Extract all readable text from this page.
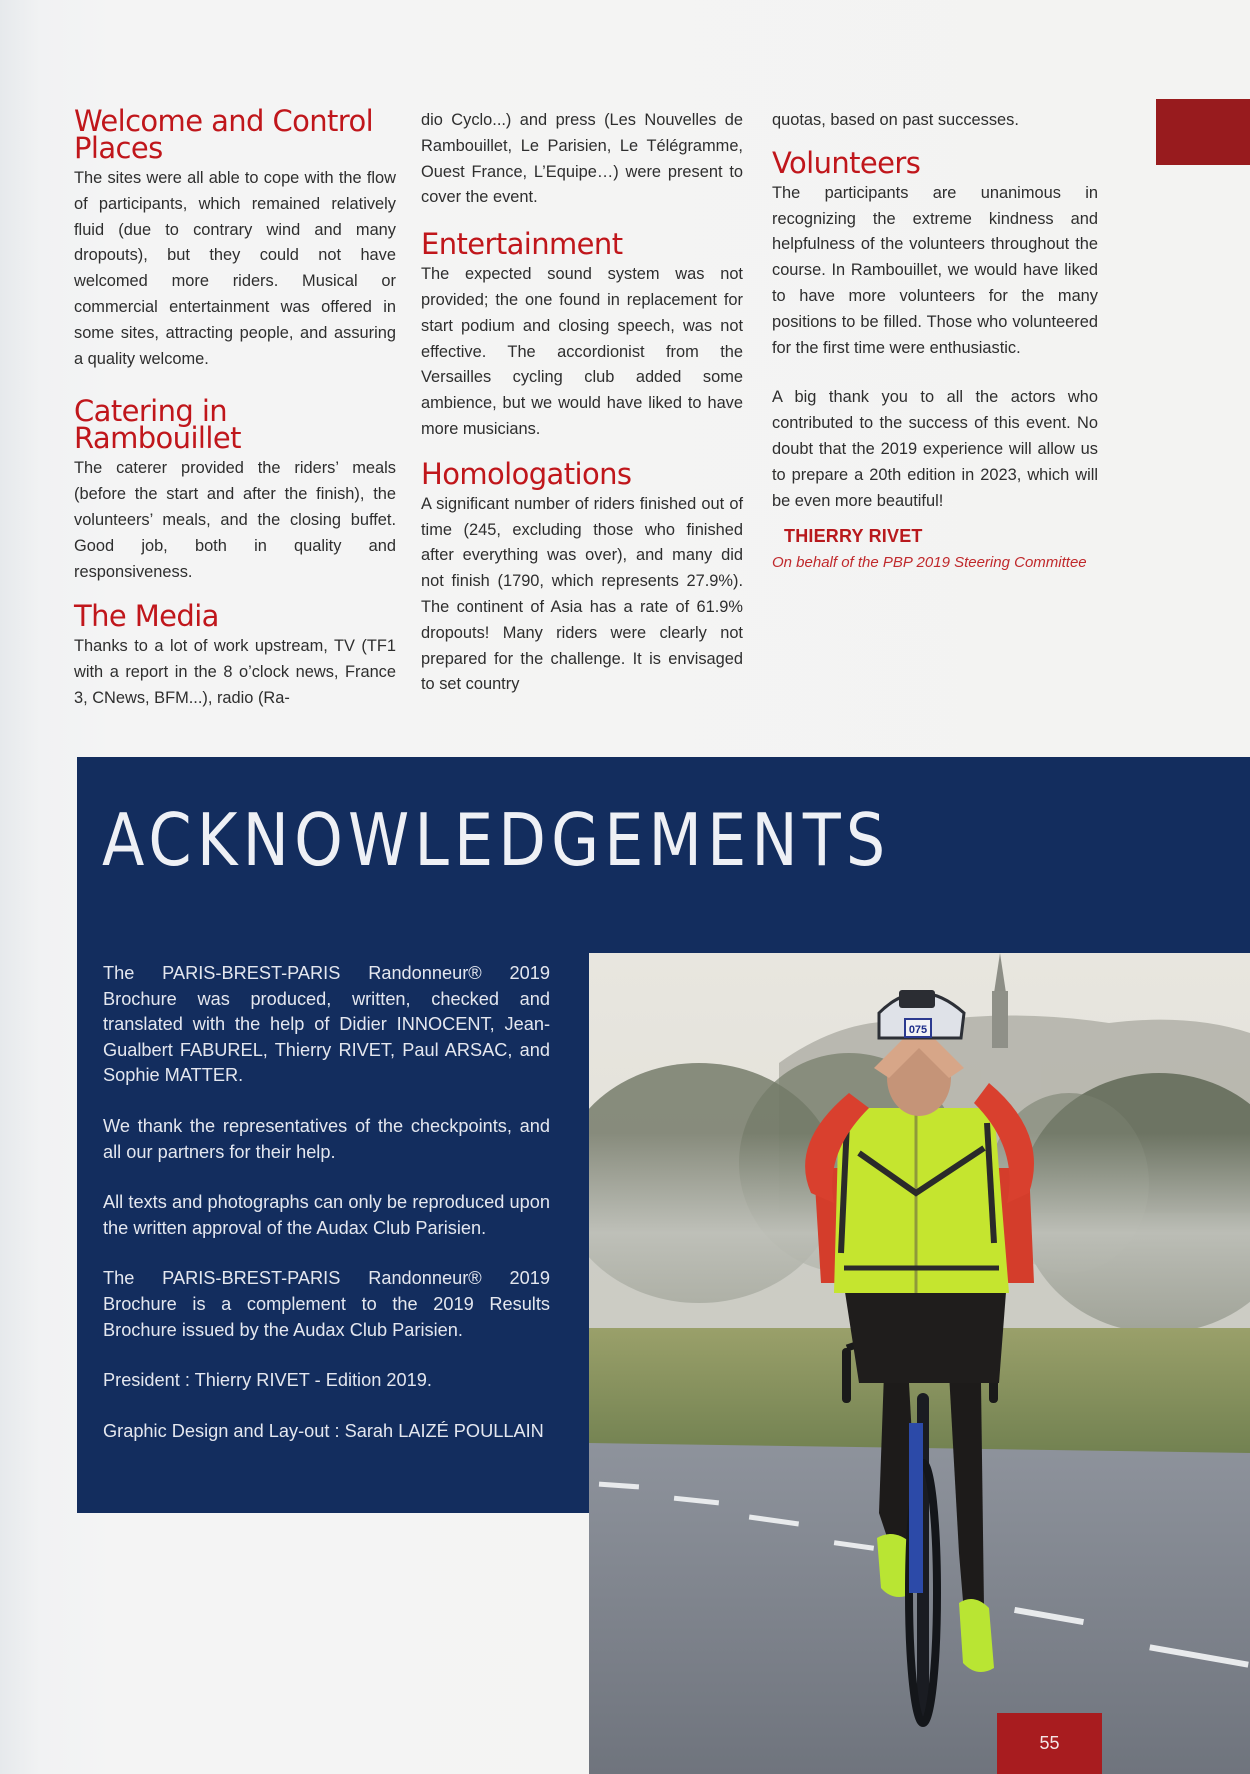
Welcome and Control Places

The sites were all able to cope with the flow of participants, which remained relatively fluid (due to contrary wind and many dropouts), but they could not have welcomed more riders. Musical or commercial entertainment was offered in some sites, attracting people, and assuring a quality welcome.

Catering in Rambouillet

The caterer provided the riders’ meals (before the start and after the finish), the volunteers’ meals, and the closing buffet. Good job, both in quality and responsiveness.

The Media

Thanks to a lot of work upstream, TV (TF1 with a report in the 8 o’clock news, France 3, CNews, BFM...), radio (Ra-

dio Cyclo...) and press (Les Nouvelles de Rambouillet, Le Parisien, Le Télégramme, Ouest France, L’Equipe…) were present to cover the event.

Entertainment

The expected sound system was not provided; the one found in replacement for start podium and closing speech, was not effective. The accordionist from the Versailles cycling club added some ambience, but we would have liked to have more musicians.

Homologations

A significant number of riders finished out of time (245, excluding those who finished after everything was over), and many did not finish (1790, which represents 27.9%). The continent of Asia has a rate of 61.9% dropouts! Many riders were clearly not prepared for the challenge. It is envisaged to set country

quotas, based on past successes.

Volunteers

The participants are unanimous in recognizing the extreme kindness and helpfulness of the volunteers throughout the course. In Rambouillet, we would have liked to have more volunteers for the many positions to be filled. Those who volunteered for the first time were enthusiastic.

A big thank you to all the actors who contributed to the success of this event. No doubt that the 2019 experience will allow us to prepare a 20th edition in 2023, which will be even more beautiful!

THIERRY RIVET

On behalf of the PBP 2019 Steering Committee

ACKNOWLEDGEMENTS

The PARIS-BREST-PARIS Randonneur® 2019 Brochure was produced, written, checked and translated with the help of Didier INNOCENT, Jean-Gualbert FABUREL, Thierry RIVET, Paul ARSAC, and Sophie MATTER.

We thank the representatives of the checkpoints, and all our partners for their help.

All texts and photographs can only be reproduced upon the written approval of the Audax Club Parisien.

The PARIS-BREST-PARIS Randonneur® 2019 Brochure is a complement to the 2019 Results Brochure issued by the Audax Club Parisien.

President : Thierry RIVET - Edition 2019.

Graphic Design and Lay-out : Sarah LAIZÉ POULLAIN

075
55
